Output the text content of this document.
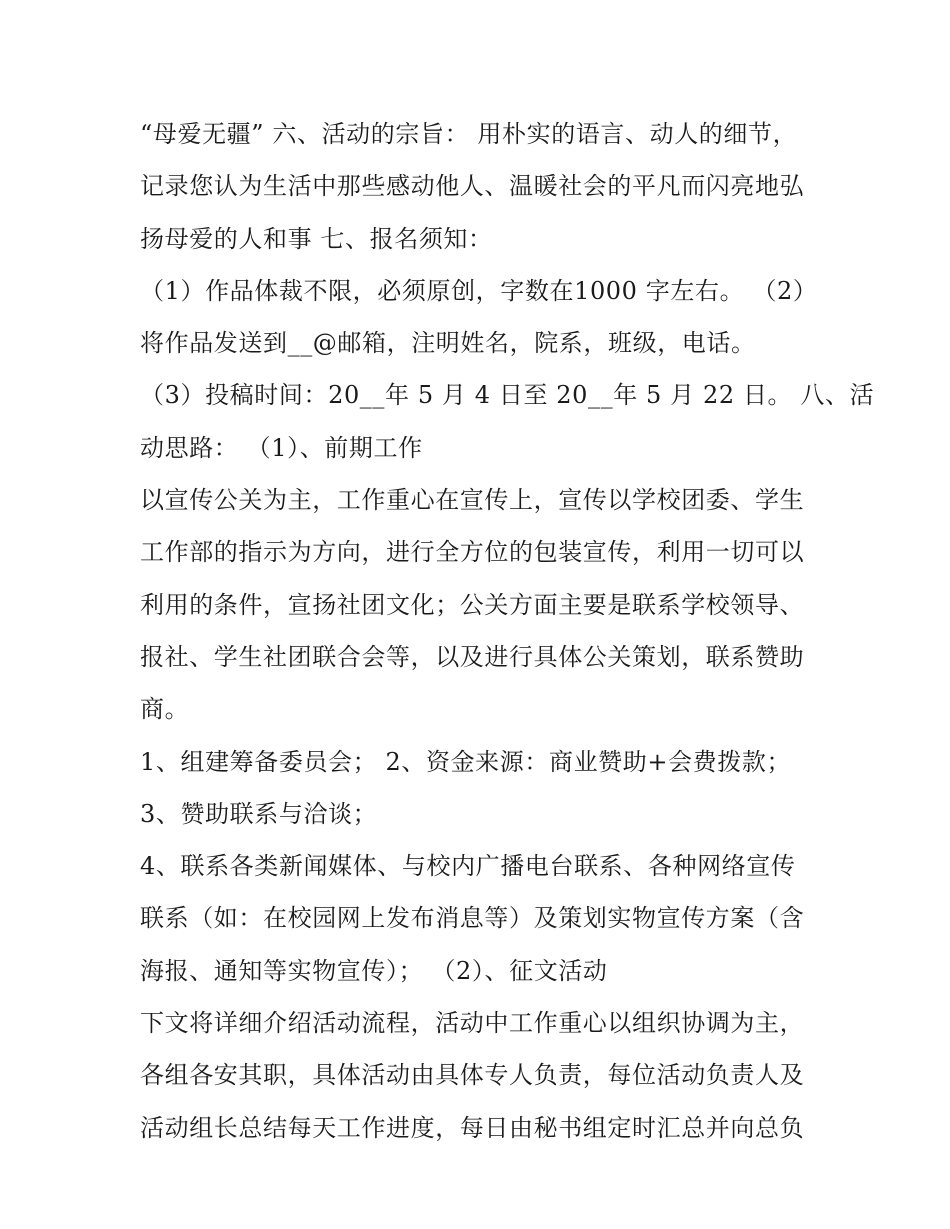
“母爱无疆” 六、活动的宗旨： 用朴实的语言、动人的细节，

记录您认为生活中那些感动他人、温暖社会的平凡而闪亮地弘

扬母爱的人和事 七、报名须知：

（1）作品体裁不限，必须原创，字数在1000 字左右。 （2）

将作品发送到__@邮箱，注明姓名，院系，班级，电话。

（3）投稿时间：20__年 5 月 4 日至 20__年 5 月 22 日。 八、活

动思路： （1）、前期工作

以宣传公关为主，工作重心在宣传上，宣传以学校团委、学生

工作部的指示为方向，进行全方位的包装宣传，利用一切可以

利用的条件，宣扬社团文化；公关方面主要是联系学校领导、

报社、学生社团联合会等，以及进行具体公关策划，联系赞助

商。

1、组建筹备委员会； 2、资金来源：商业赞助+会费拨款；

3、赞助联系与洽谈；

4、联系各类新闻媒体、与校内广播电台联系、各种网络宣传

联系（如：在校园网上发布消息等）及策划实物宣传方案（含

海报、通知等实物宣传）； （2）、征文活动

下文将详细介绍活动流程，活动中工作重心以组织协调为主，

各组各安其职，具体活动由具体专人负责，每位活动负责人及

活动组长总结每天工作进度，每日由秘书组定时汇总并向总负
